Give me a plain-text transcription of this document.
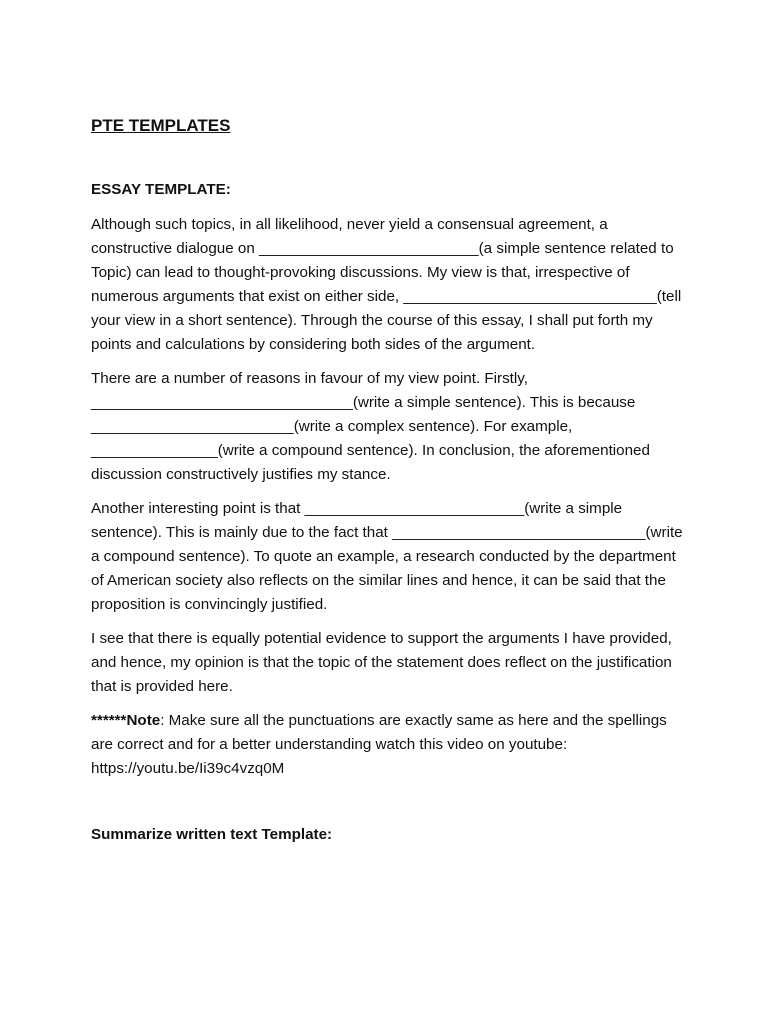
PTE TEMPLATES
ESSAY TEMPLATE:

Although such topics, in all likelihood, never yield a consensual agreement, a constructive dialogue on __________________________(a simple sentence related to Topic) can lead to thought-provoking discussions. My view is that, irrespective of numerous arguments that exist on either side, ______________________________(tell your view in a short sentence). Through the course of this essay, I shall put forth my points and calculations by considering both sides of the argument.

There are a number of reasons in favour of my view point. Firstly, _______________________________(write a simple sentence). This is because ________________________(write a complex sentence). For example, _______________(write a compound sentence). In conclusion, the aforementioned discussion constructively justifies my stance.

Another interesting point is that __________________________(write a simple sentence). This is mainly due to the fact that ______________________________(write a compound sentence). To quote an example, a research conducted by the department of American society also reflects on the similar lines and hence, it can be said that the proposition is convincingly justified.

I see that there is equally potential evidence to support the arguments I have provided, and hence, my opinion is that the topic of the statement does reflect on the justification that is provided here.

******Note: Make sure all the punctuations are exactly same as here and the spellings are correct and for a better understanding watch this video on youtube: https://youtu.be/Ii39c4vzq0M

Summarize written text Template:
